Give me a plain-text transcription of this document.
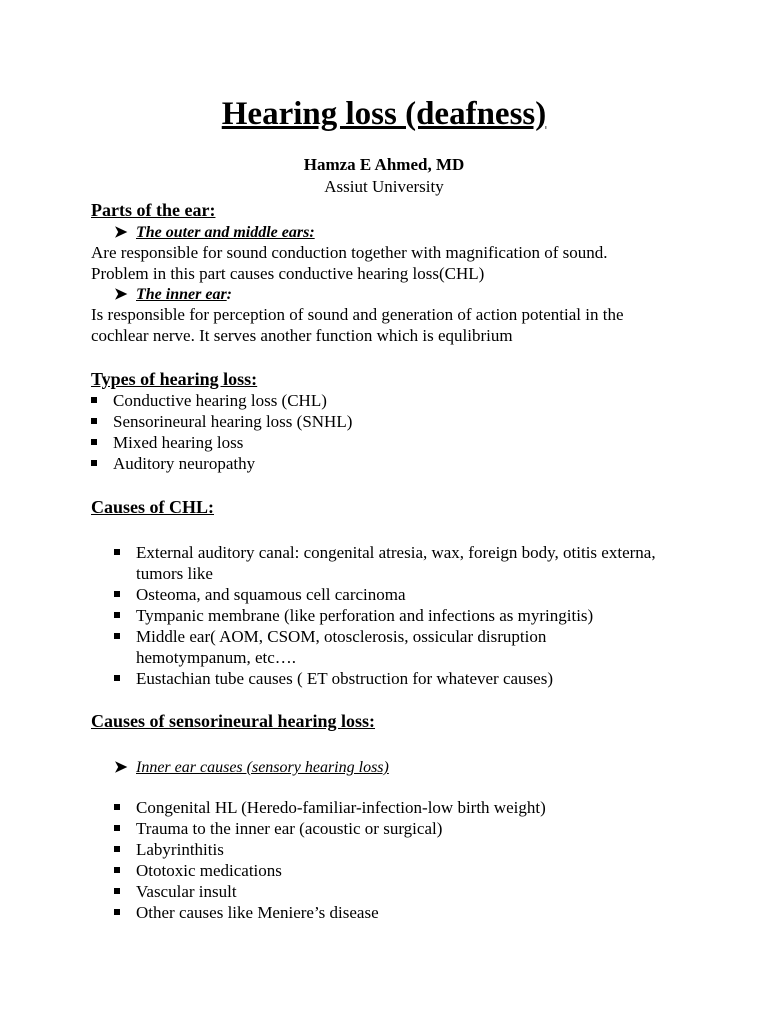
Hearing loss (deafness)
Hamza E Ahmed, MD
Assiut University
Parts of the ear:
➤ The outer and middle ears:
Are responsible for sound conduction together with magnification of sound.
Problem in this part causes conductive hearing loss(CHL)
➤ The inner ear:
Is responsible for perception of sound and generation of action potential in the
cochlear nerve. It serves another function which is equlibrium
Types of hearing loss:
Conductive hearing loss (CHL)
Sensorineural hearing loss (SNHL)
Mixed hearing loss
Auditory neuropathy
Causes of CHL:
External auditory canal: congenital atresia, wax, foreign body, otitis externa, tumors like
Osteoma, and squamous cell carcinoma
Tympanic membrane (like perforation and infections as myringitis)
Middle ear( AOM, CSOM, otosclerosis, ossicular disruption hemotympanum, etc….
Eustachian tube causes ( ET obstruction for whatever causes)
Causes of sensorineural hearing loss:
➤ Inner ear causes (sensory hearing loss)
Congenital HL (Heredo-familiar-infection-low birth weight)
Trauma to the inner ear (acoustic or surgical)
Labyrinthitis
Ototoxic medications
Vascular insult
Other causes like Meniere’s disease
